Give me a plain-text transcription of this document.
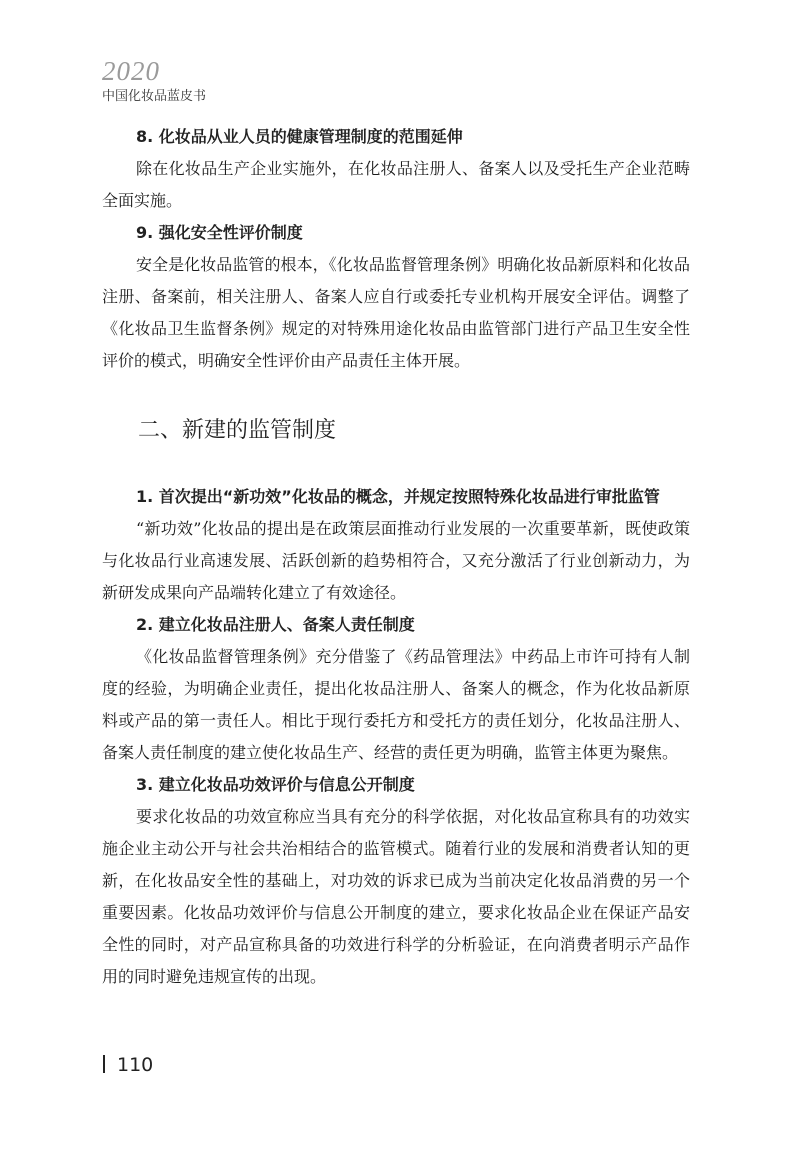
2020
中国化妆品蓝皮书

8. 化妆品从业人员的健康管理制度的范围延伸

除在化妆品生产企业实施外，在化妆品注册人、备案人以及受托生产企业范畴全面实施。

9. 强化安全性评价制度

安全是化妆品监管的根本，《化妆品监督管理条例》明确化妆品新原料和化妆品注册、备案前，相关注册人、备案人应自行或委托专业机构开展安全评估。调整了《化妆品卫生监督条例》规定的对特殊用途化妆品由监管部门进行产品卫生安全性评价的模式，明确安全性评价由产品责任主体开展。

二、新建的监管制度

1. 首次提出“新功效”化妆品的概念，并规定按照特殊化妆品进行审批监管

“新功效”化妆品的提出是在政策层面推动行业发展的一次重要革新，既使政策与化妆品行业高速发展、活跃创新的趋势相符合，又充分激活了行业创新动力，为新研发成果向产品端转化建立了有效途径。

2. 建立化妆品注册人、备案人责任制度

《化妆品监督管理条例》充分借鉴了《药品管理法》中药品上市许可持有人制度的经验，为明确企业责任，提出化妆品注册人、备案人的概念，作为化妆品新原料或产品的第一责任人。相比于现行委托方和受托方的责任划分，化妆品注册人、备案人责任制度的建立使化妆品生产、经营的责任更为明确，监管主体更为聚焦。

3. 建立化妆品功效评价与信息公开制度

要求化妆品的功效宣称应当具有充分的科学依据，对化妆品宣称具有的功效实施企业主动公开与社会共治相结合的监管模式。随着行业的发展和消费者认知的更新，在化妆品安全性的基础上，对功效的诉求已成为当前决定化妆品消费的另一个重要因素。化妆品功效评价与信息公开制度的建立，要求化妆品企业在保证产品安全性的同时，对产品宣称具备的功效进行科学的分析验证，在向消费者明示产品作用的同时避免违规宣传的出现。

110
